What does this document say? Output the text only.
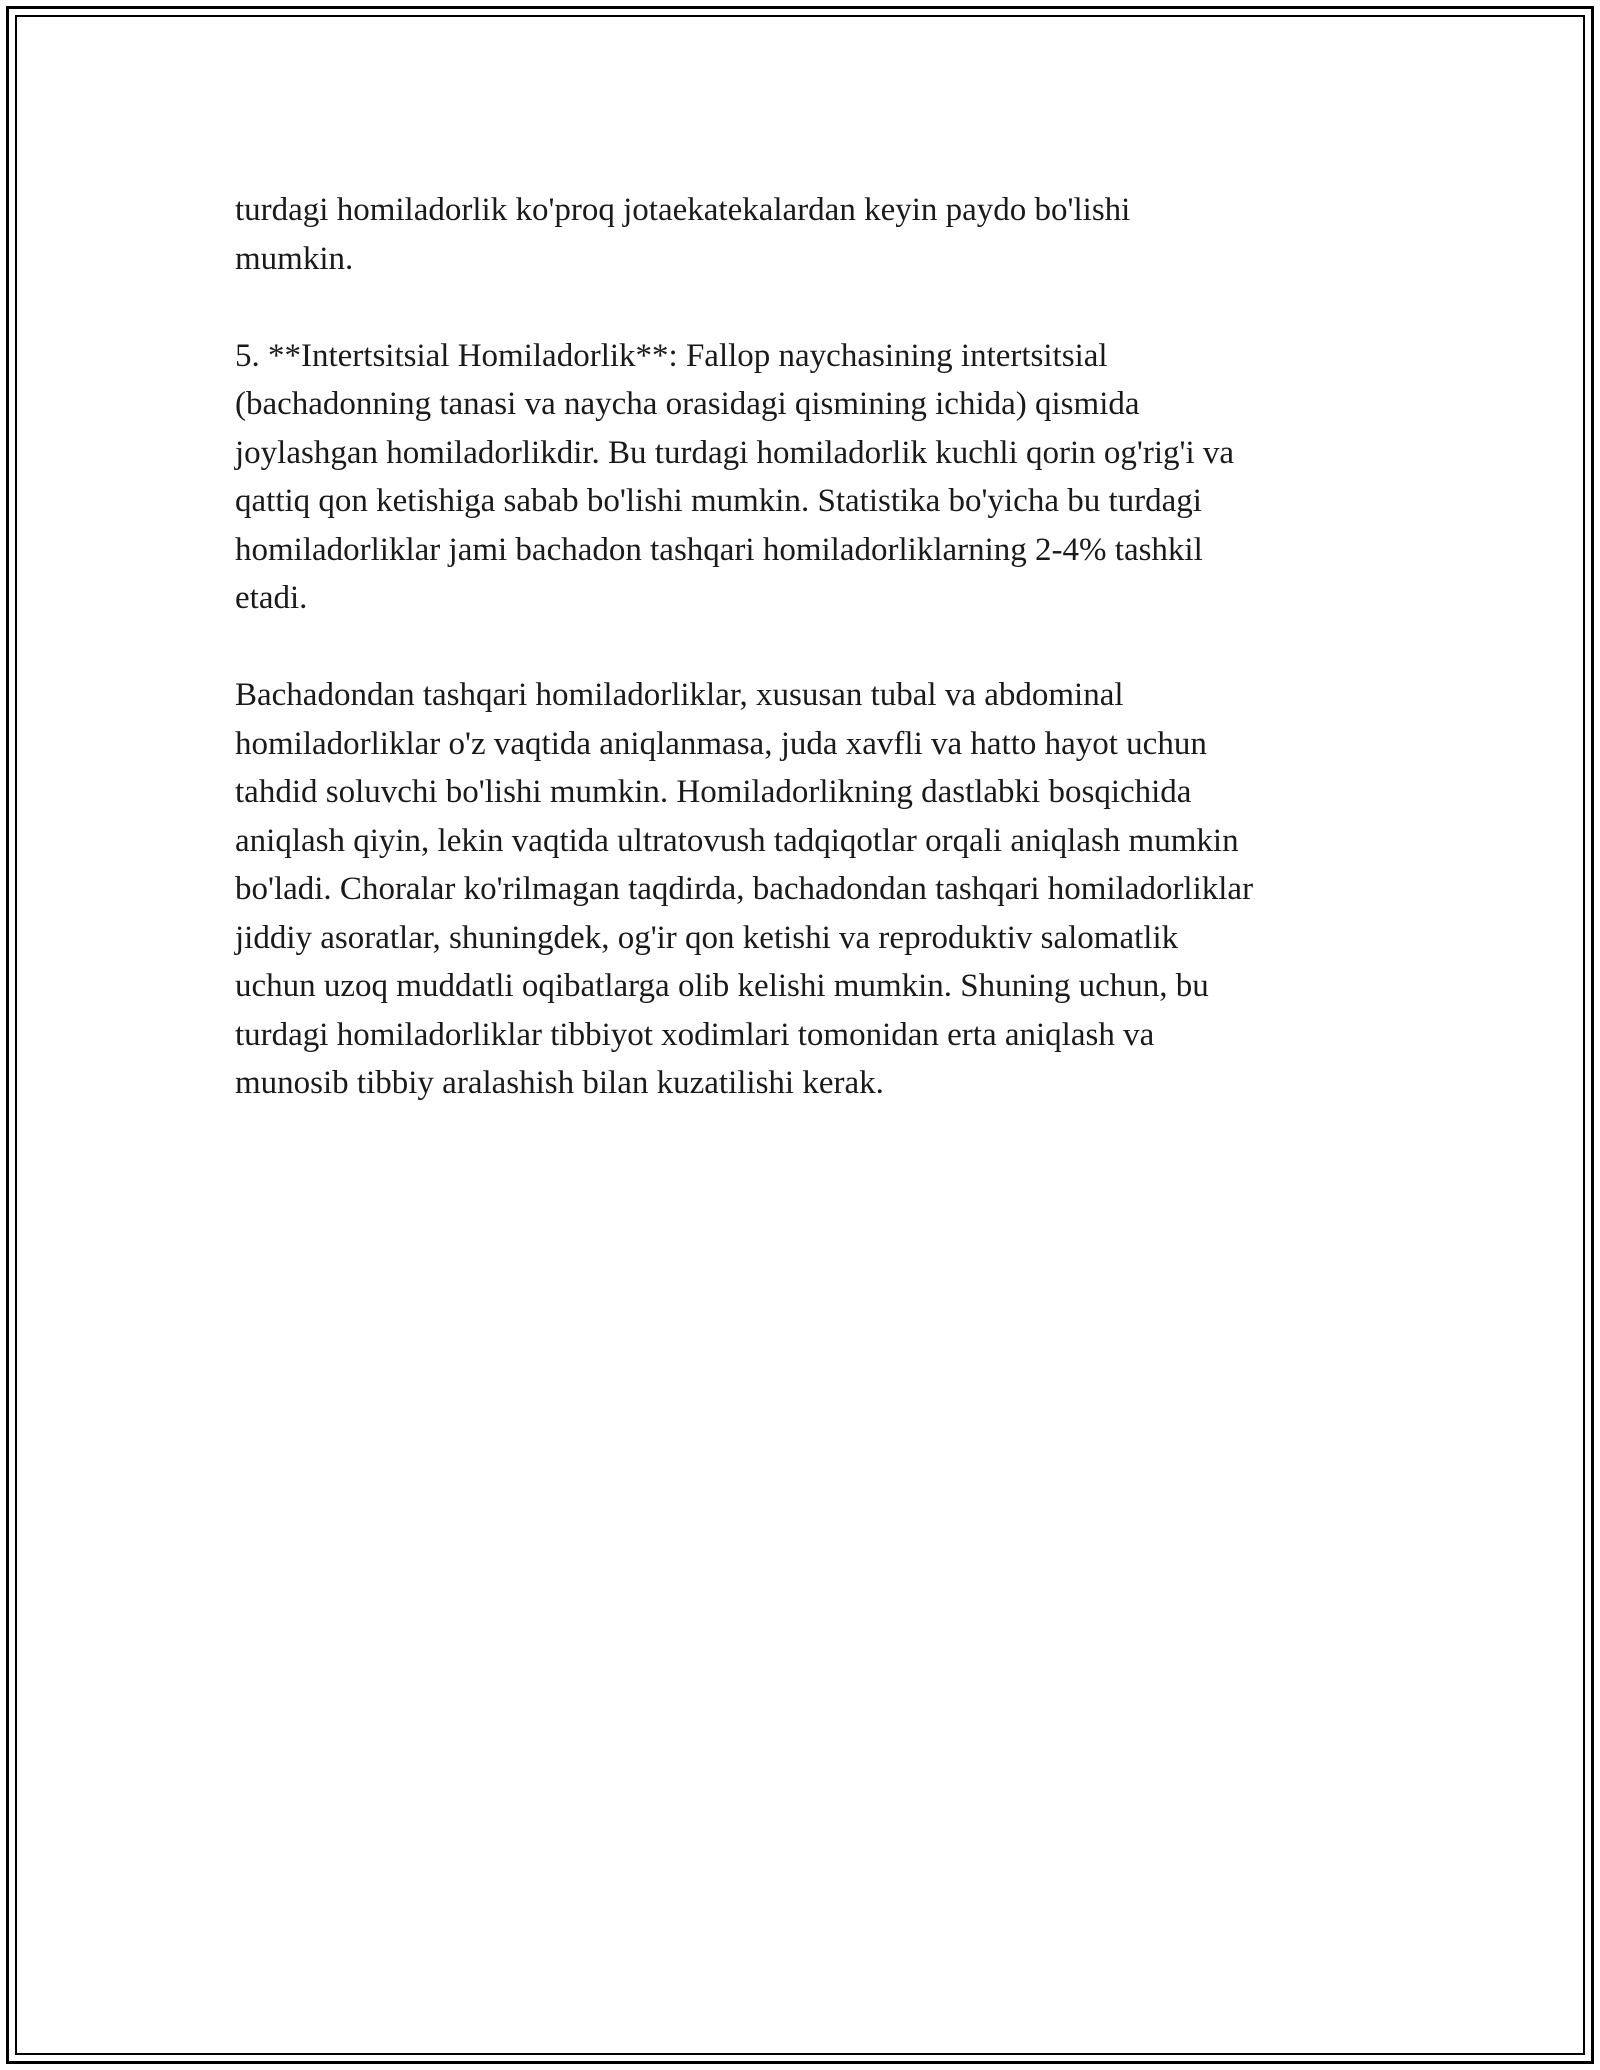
turdagi homiladorlik ko'proq jotaekatekalardan keyin paydo bo'lishi
mumkin.

5. **Intertsitsial Homiladorlik**: Fallop naychasining intertsitsial
(bachadonning tanasi va naycha orasidagi qismining ichida) qismida
joylashgan homiladorlikdir. Bu turdagi homiladorlik kuchli qorin og'rig'i va
qattiq qon ketishiga sabab bo'lishi mumkin. Statistika bo'yicha bu turdagi
homiladorliklar jami bachadon tashqari homiladorliklarning 2-4% tashkil
etadi.

Bachadondan tashqari homiladorliklar, xususan tubal va abdominal
homiladorliklar o'z vaqtida aniqlanmasa, juda xavfli va hatto hayot uchun
tahdid soluvchi bo'lishi mumkin. Homiladorlikning dastlabki bosqichida
aniqlash qiyin, lekin vaqtida ultratovush tadqiqotlar orqali aniqlash mumkin
bo'ladi. Choralar ko'rilmagan taqdirda, bachadondan tashqari homiladorliklar
jiddiy asoratlar, shuningdek, og'ir qon ketishi va reproduktiv salomatlik
uchun uzoq muddatli oqibatlarga olib kelishi mumkin. Shuning uchun, bu
turdagi homiladorliklar tibbiyot xodimlari tomonidan erta aniqlash va
munosib tibbiy aralashish bilan kuzatilishi kerak.
